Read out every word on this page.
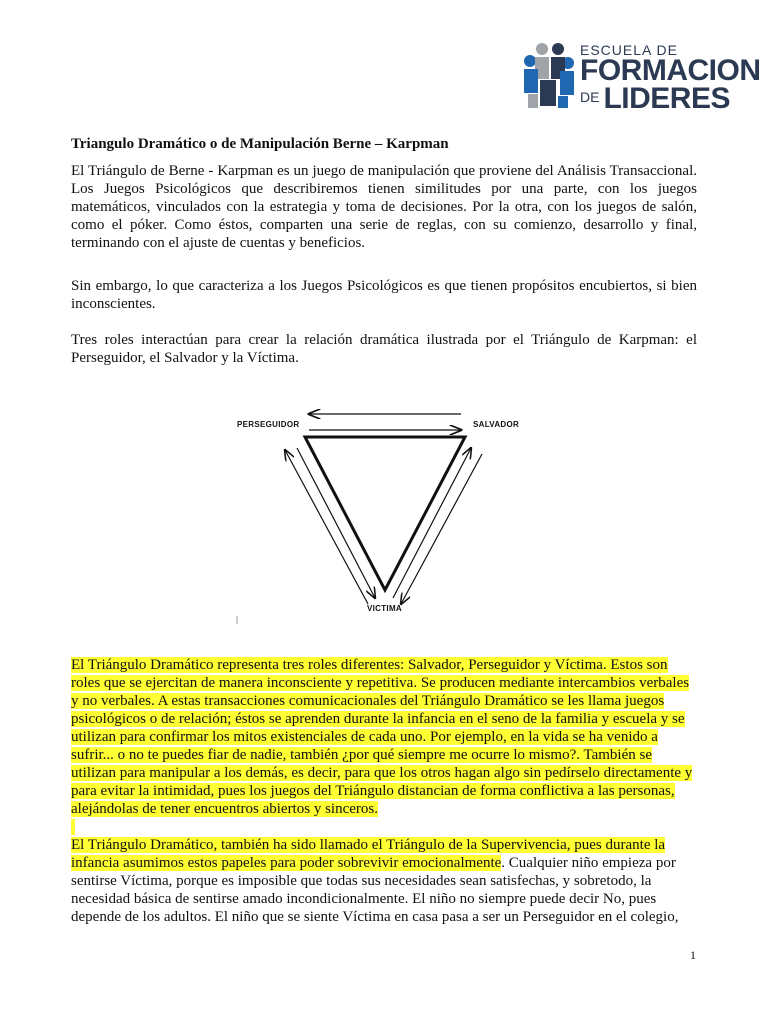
ESCUELA DE
FORMACION
DE LIDERES
Triangulo Dramático o de Manipulación Berne – Karpman

El Triángulo de Berne - Karpman es un juego de manipulación que proviene del Análisis Transaccional. Los Juegos Psicológicos que describiremos tienen similitudes por una parte, con los juegos matemáticos, vinculados con la estrategia y toma de decisiones. Por la otra, con los juegos de salón, como el póker. Como éstos, comparten una serie de reglas, con su comienzo, desarrollo y final, terminando con el ajuste de cuentas y beneficios.

Sin embargo, lo que caracteriza a los Juegos Psicológicos es que tienen propósitos encubiertos, si bien inconscientes.

Tres roles interactúan para crear la relación dramática ilustrada por el Triángulo de Karpman: el Perseguidor, el Salvador y la Víctima.

PERSEGUIDOR	SALVADOR
VICTIMA
El Triángulo Dramático representa tres roles diferentes: Salvador, Perseguidor y Víctima. Estos son
roles que se ejercitan de manera inconsciente y repetitiva. Se producen mediante intercambios verbales
y no verbales. A estas transacciones comunicacionales del Triángulo Dramático se les llama juegos
psicológicos o de relación; éstos se aprenden durante la infancia en el seno de la familia y escuela y se
utilizan para confirmar los mitos existenciales de cada uno. Por ejemplo, en la vida se ha venido a
sufrir... o no te puedes fiar de nadie, también ¿por qué siempre me ocurre lo mismo?. También se
utilizan para manipular a los demás, es decir, para que los otros hagan algo sin pedírselo directamente y
para evitar la intimidad, pues los juegos del Triángulo distancian de forma conflictiva a las personas,
alejándolas de tener encuentros abiertos y sinceros.

El Triángulo Dramático, también ha sido llamado el Triángulo de la Supervivencia, pues durante la
infancia asumimos estos papeles para poder sobrevivir emocionalmente. Cualquier niño empieza por
sentirse Víctima, porque es imposible que todas sus necesidades sean satisfechas, y sobretodo, la
necesidad básica de sentirse amado incondicionalmente. El niño no siempre puede decir No, pues
depende de los adultos. El niño que se siente Víctima en casa pasa a ser un Perseguidor en el colegio,
1
